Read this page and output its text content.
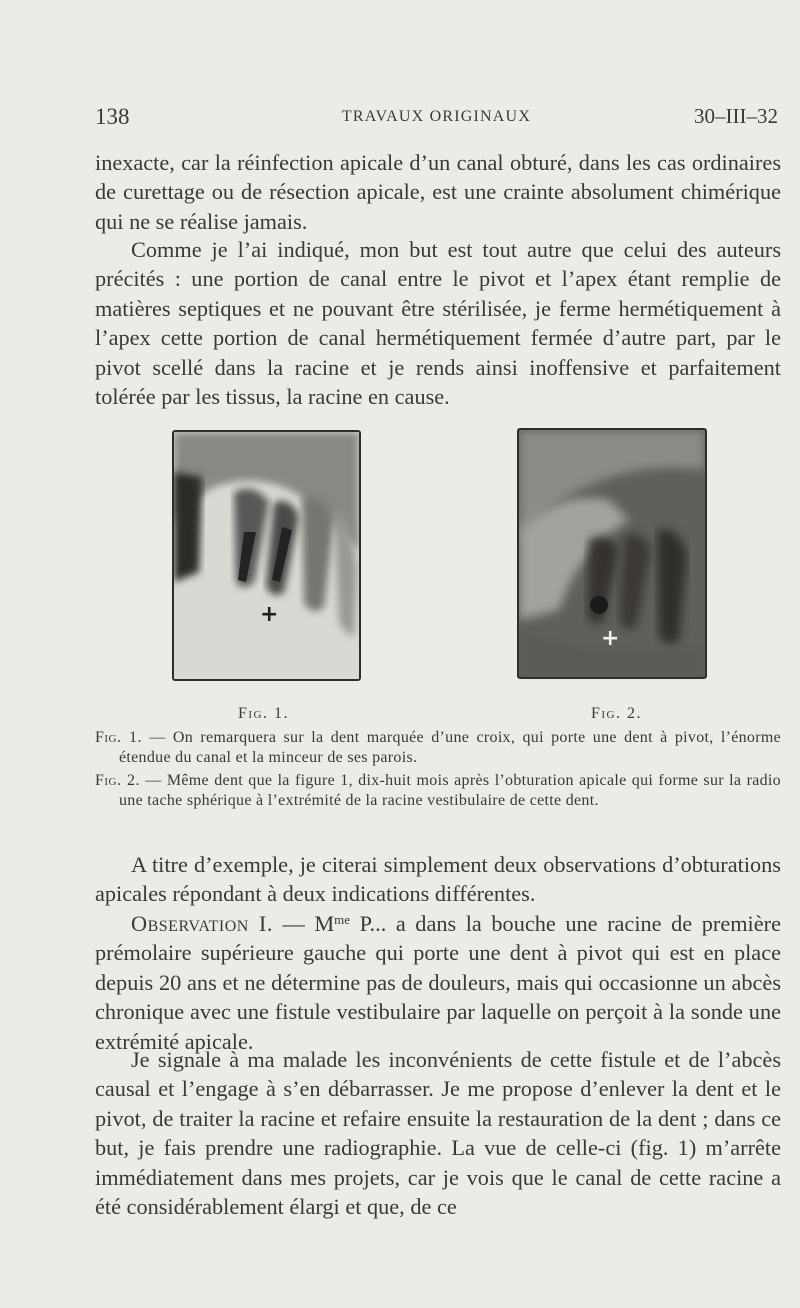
138	TRAVAUX ORIGINAUX	30–III–32

inexacte, car la réinfection apicale d’un canal obturé, dans les cas ordinaires de curettage ou de résection apicale, est une crainte absolument chimérique qui ne se réalise jamais.

Comme je l’ai indiqué, mon but est tout autre que celui des auteurs précités : une portion de canal entre le pivot et l’apex étant remplie de matières septiques et ne pouvant être stérilisée, je ferme hermétiquement à l’apex cette portion de canal hermétiquement fermée d’autre part, par le pivot scellé dans la racine et je rends ainsi inoffensive et parfaitement tolérée par les tissus, la racine en cause.

+
+
Fig. 1.	Fig. 2.

Fig. 1. — On remarquera sur la dent marquée d’une croix, qui porte une dent à pivot, l’énorme étendue du canal et la minceur de ses parois.

Fig. 2. — Même dent que la figure 1, dix-huit mois après l’obturation apicale qui forme sur la radio une tache sphérique à l’extrémité de la racine vestibulaire de cette dent.

A titre d’exemple, je citerai simplement deux observations d’obturations apicales répondant à deux indications différentes.

Observation I. — $M^{me}$ P... a dans la bouche une racine de première prémolaire supérieure gauche qui porte une dent à pivot qui est en place depuis 20 ans et ne détermine pas de douleurs, mais qui occasionne un abcès chronique avec une fistule vestibulaire par laquelle on perçoit à la sonde une extrémité apicale.

Je signale à ma malade les inconvénients de cette fistule et de l’abcès causal et l’engage à s’en débarrasser. Je me propose d’enlever la dent et le pivot, de traiter la racine et refaire ensuite la restauration de la dent ; dans ce but, je fais prendre une radiographie. La vue de celle-ci (fig. 1) m’arrête immédiatement dans mes projets, car je vois que le canal de cette racine a été considérablement élargi et que, de ce
